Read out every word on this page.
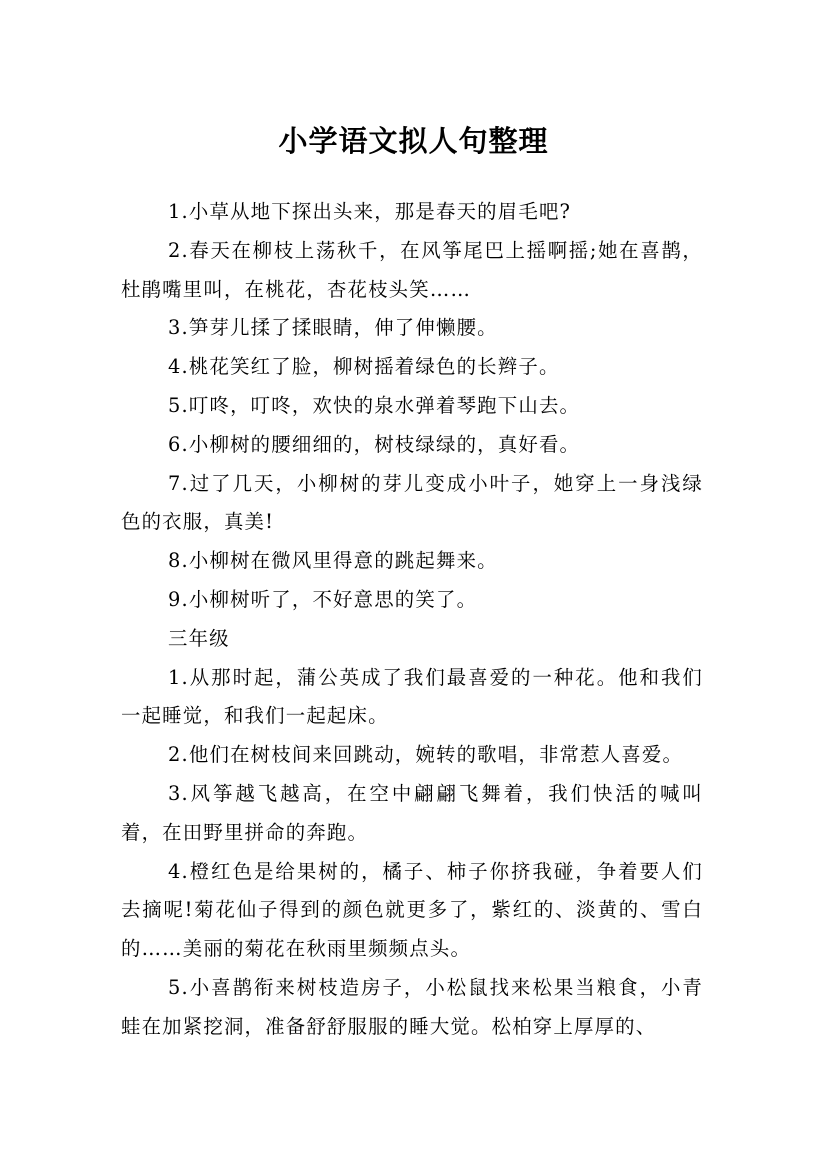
小学语文拟人句整理

1.小草从地下探出头来，那是春天的眉毛吧?

2.春天在柳枝上荡秋千，在风筝尾巴上摇啊摇;她在喜鹊，杜鹃嘴里叫，在桃花，杏花枝头笑……

3.笋芽儿揉了揉眼睛，伸了伸懒腰。

4.桃花笑红了脸，柳树摇着绿色的长辫子。

5.叮咚，叮咚，欢快的泉水弹着琴跑下山去。

6.小柳树的腰细细的，树枝绿绿的，真好看。

7.过了几天，小柳树的芽儿变成小叶子，她穿上一身浅绿色的衣服，真美!

8.小柳树在微风里得意的跳起舞来。

9.小柳树听了，不好意思的笑了。

三年级

1.从那时起，蒲公英成了我们最喜爱的一种花。他和我们一起睡觉，和我们一起起床。

2.他们在树枝间来回跳动，婉转的歌唱，非常惹人喜爱。

3.风筝越飞越高，在空中翩翩飞舞着，我们快活的喊叫着，在田野里拼命的奔跑。

4.橙红色是给果树的，橘子、柿子你挤我碰，争着要人们去摘呢!菊花仙子得到的颜色就更多了，紫红的、淡黄的、雪白的……美丽的菊花在秋雨里频频点头。

5.小喜鹊衔来树枝造房子，小松鼠找来松果当粮食，小青蛙在加紧挖洞，准备舒舒服服的睡大觉。松柏穿上厚厚的、
